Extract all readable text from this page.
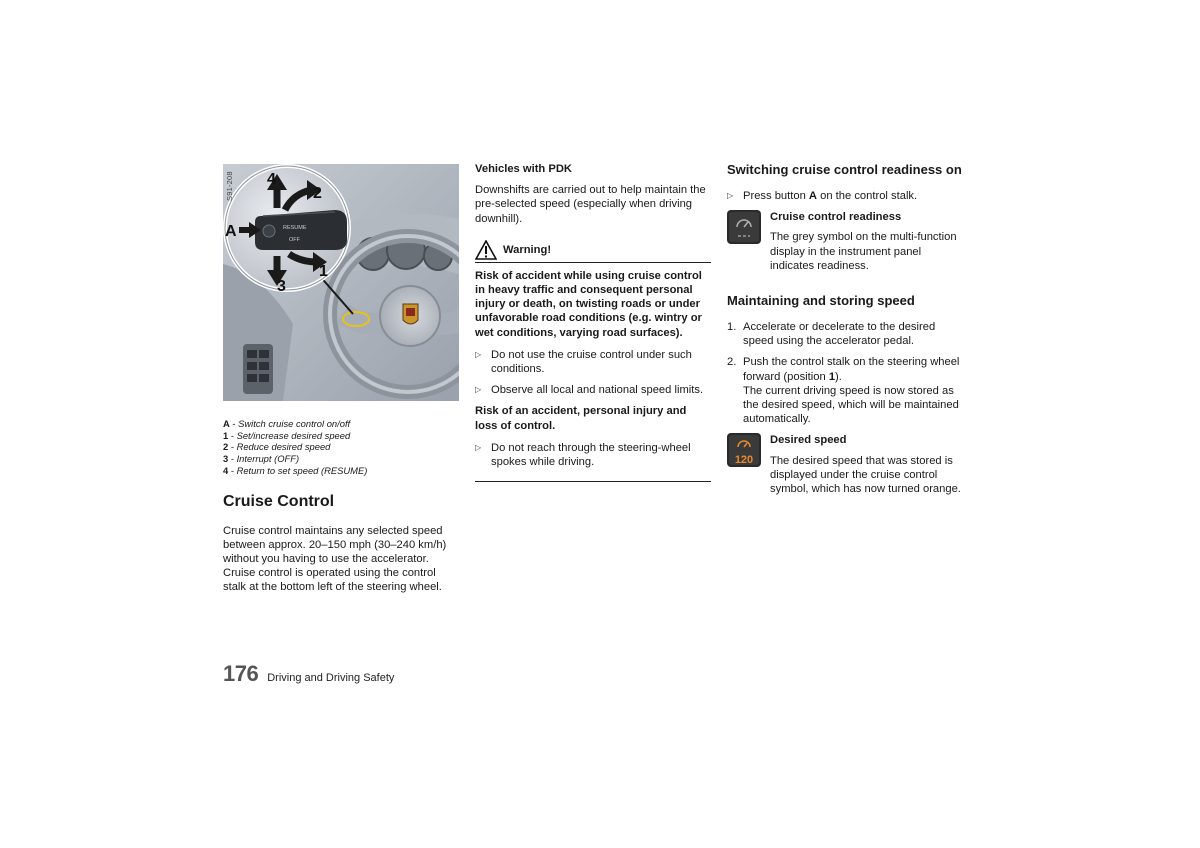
RESUME
OFF
4
2
A
3
1
S91-208
A - Switch cruise control on/off
1 - Set/increase desired speed
2 - Reduce desired speed
3 - Interrupt (OFF)
4 - Return to set speed (RESUME)
Cruise Control

Cruise control maintains any selected speed between approx. 20–150 mph (30–240 km/h) without you having to use the accelerator. Cruise control is operated using the control stalk at the bottom left of the steering wheel.

Vehicles with PDK

Downshifts are carried out to help maintain the pre-selected speed (especially when driving downhill).

Warning!

Risk of accident while using cruise control in heavy traffic and consequent personal injury or death, on twisting roads or under unfavorable road conditions (e.g. wintry or wet conditions, varying road surfaces).

▷ Do not use the cruise control under such conditions.
▷ Observe all local and national speed limits.

Risk of an accident, personal injury and loss of control.

▷ Do not reach through the steering-wheel spokes while driving.
Switching cruise control readiness on
▷ Press button A on the control stalk.
Cruise control readiness

The grey symbol on the multi-function display in the instrument panel indicates readiness.

Maintaining and storing speed
1. Accelerate or decelerate to the desired speed using the accelerator pedal.
2. Push the control stalk on the steering wheel forward (position 1).
The current driving speed is now stored as the desired speed, which will be maintained automatically.
120
Desired speed

The desired speed that was stored is displayed under the cruise control symbol, which has now turned orange.

176 Driving and Driving Safety
